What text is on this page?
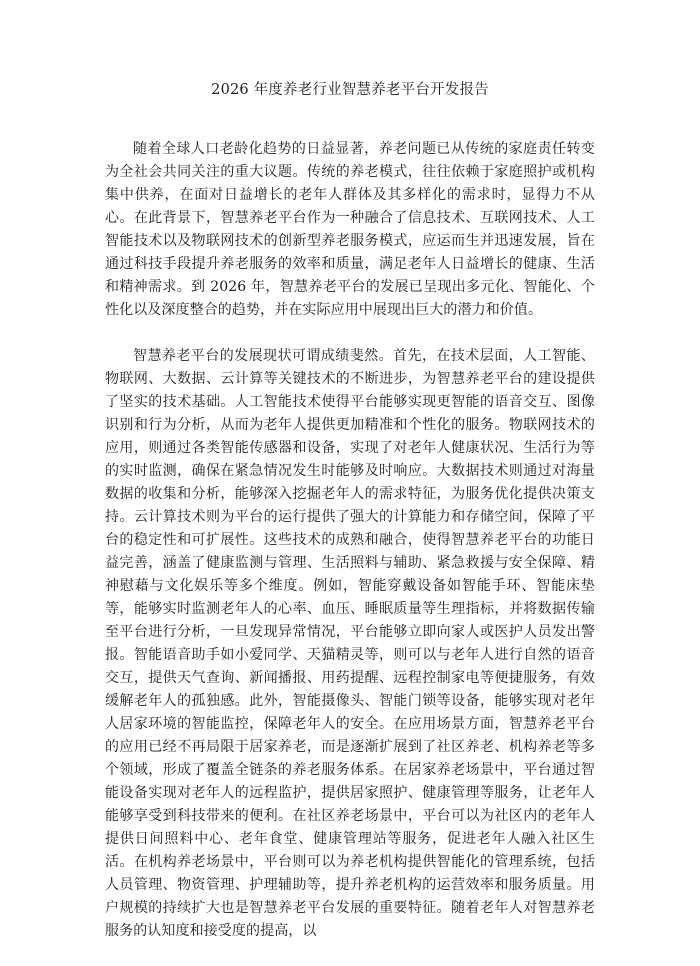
2026 年度养老行业智慧养老平台开发报告

随着全球人口老龄化趋势的日益显著，养老问题已从传统的家庭责任转变为全社会共同关注的重大议题。传统的养老模式，往往依赖于家庭照护或机构集中供养，在面对日益增长的老年人群体及其多样化的需求时，显得力不从心。在此背景下，智慧养老平台作为一种融合了信息技术、互联网技术、人工智能技术以及物联网技术的创新型养老服务模式，应运而生并迅速发展，旨在通过科技手段提升养老服务的效率和质量，满足老年人日益增长的健康、生活和精神需求。到 2026 年，智慧养老平台的发展已呈现出多元化、智能化、个性化以及深度整合的趋势，并在实际应用中展现出巨大的潜力和价值。

智慧养老平台的发展现状可谓成绩斐然。首先，在技术层面，人工智能、物联网、大数据、云计算等关键技术的不断进步，为智慧养老平台的建设提供了坚实的技术基础。人工智能技术使得平台能够实现更智能的语音交互、图像识别和行为分析，从而为老年人提供更加精准和个性化的服务。物联网技术的应用，则通过各类智能传感器和设备，实现了对老年人健康状况、生活行为等的实时监测，确保在紧急情况发生时能够及时响应。大数据技术则通过对海量数据的收集和分析，能够深入挖掘老年人的需求特征，为服务优化提供决策支持。云计算技术则为平台的运行提供了强大的计算能力和存储空间，保障了平台的稳定性和可扩展性。这些技术的成熟和融合，使得智慧养老平台的功能日益完善，涵盖了健康监测与管理、生活照料与辅助、紧急救援与安全保障、精神慰藉与文化娱乐等多个维度。例如，智能穿戴设备如智能手环、智能床垫等，能够实时监测老年人的心率、血压、睡眠质量等生理指标，并将数据传输至平台进行分析，一旦发现异常情况，平台能够立即向家人或医护人员发出警报。智能语音助手如小爱同学、天猫精灵等，则可以与老年人进行自然的语音交互，提供天气查询、新闻播报、用药提醒、远程控制家电等便捷服务，有效缓解老年人的孤独感。此外，智能摄像头、智能门锁等设备，能够实现对老年人居家环境的智能监控，保障老年人的安全。在应用场景方面，智慧养老平台的应用已经不再局限于居家养老，而是逐渐扩展到了社区养老、机构养老等多个领域，形成了覆盖全链条的养老服务体系。在居家养老场景中，平台通过智能设备实现对老年人的远程监护，提供居家照护、健康管理等服务，让老年人能够享受到科技带来的便利。在社区养老场景中，平台可以为社区内的老年人提供日间照料中心、老年食堂、健康管理站等服务，促进老年人融入社区生活。在机构养老场景中，平台则可以为养老机构提供智能化的管理系统，包括人员管理、物资管理、护理辅助等，提升养老机构的运营效率和服务质量。用户规模的持续扩大也是智慧养老平台发展的重要特征。随着老年人对智慧养老服务的认知度和接受度的提高，以
